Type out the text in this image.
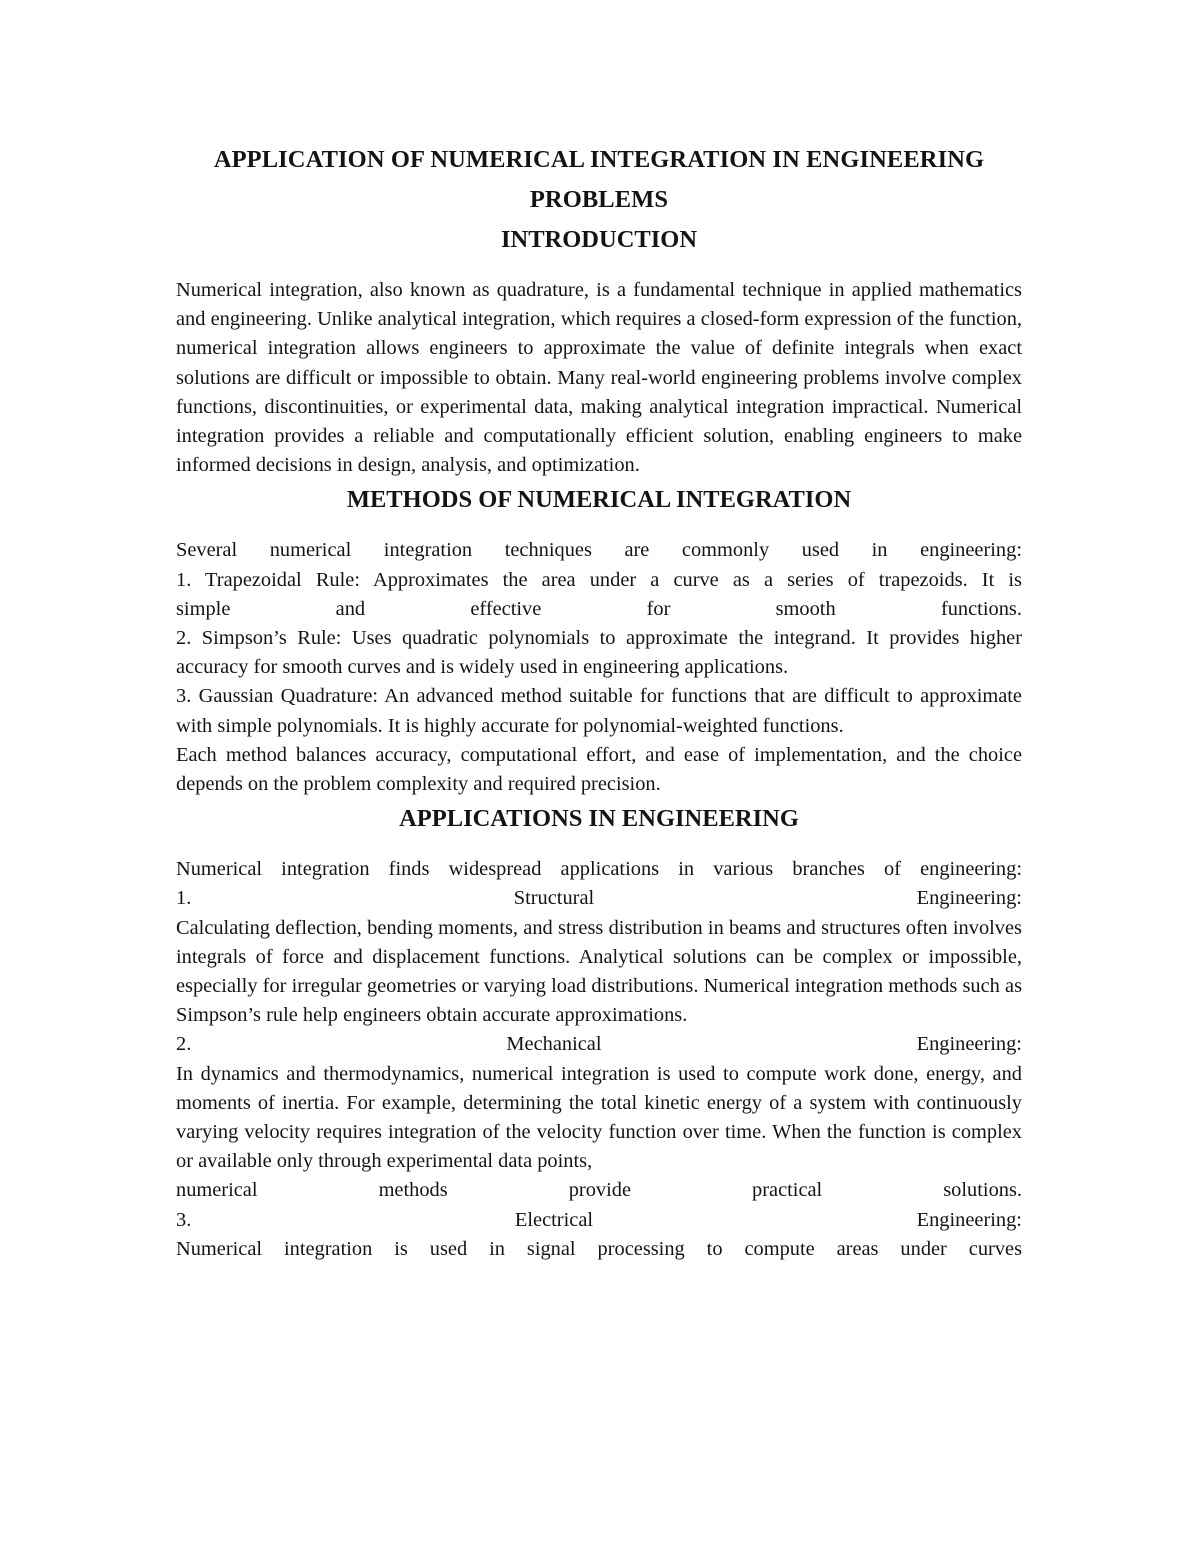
APPLICATION OF NUMERICAL INTEGRATION IN ENGINEERING
PROBLEMS
INTRODUCTION

Numerical integration, also known as quadrature, is a fundamental technique in applied mathematics and engineering. Unlike analytical integration, which requires a closed-form expression of the function, numerical integration allows engineers to approximate the value of definite integrals when exact solutions are difficult or impossible to obtain. Many real-world engineering problems involve complex functions, discontinuities, or experimental data, making analytical integration impractical. Numerical integration provides a reliable and computationally efficient solution, enabling engineers to make informed decisions in design, analysis, and optimization.

METHODS OF NUMERICAL INTEGRATION
Several numerical integration techniques are commonly used in engineering:
1. Trapezoidal Rule: Approximates the area under a curve as a series of trapezoids. It is
simple	and	effective	for	smooth	functions.

2. Simpson’s Rule: Uses quadratic polynomials to approximate the integrand. It provides higher accuracy for smooth curves and is widely used in engineering applications.

3. Gaussian Quadrature: An advanced method suitable for functions that are difficult to approximate with simple polynomials. It is highly accurate for polynomial-weighted functions.

Each method balances accuracy, computational effort, and ease of implementation, and the choice depends on the problem complexity and required precision.

APPLICATIONS IN ENGINEERING
Numerical integration finds widespread applications in various branches of engineering:
1.	Structural	Engineering:

Calculating deflection, bending moments, and stress distribution in beams and structures often involves integrals of force and displacement functions. Analytical solutions can be complex or impossible, especially for irregular geometries or varying load distributions. Numerical integration methods such as Simpson’s rule help engineers obtain accurate approximations.

2.	Mechanical	Engineering:

In dynamics and thermodynamics, numerical integration is used to compute work done, energy, and moments of inertia. For example, determining the total kinetic energy of a system with continuously varying velocity requires integration of the velocity function over time. When the function is complex or available only through experimental data points,

numerical	methods	provide	practical	solutions.
3.	Electrical	Engineering:
Numerical integration is used in signal processing to compute areas under curves
